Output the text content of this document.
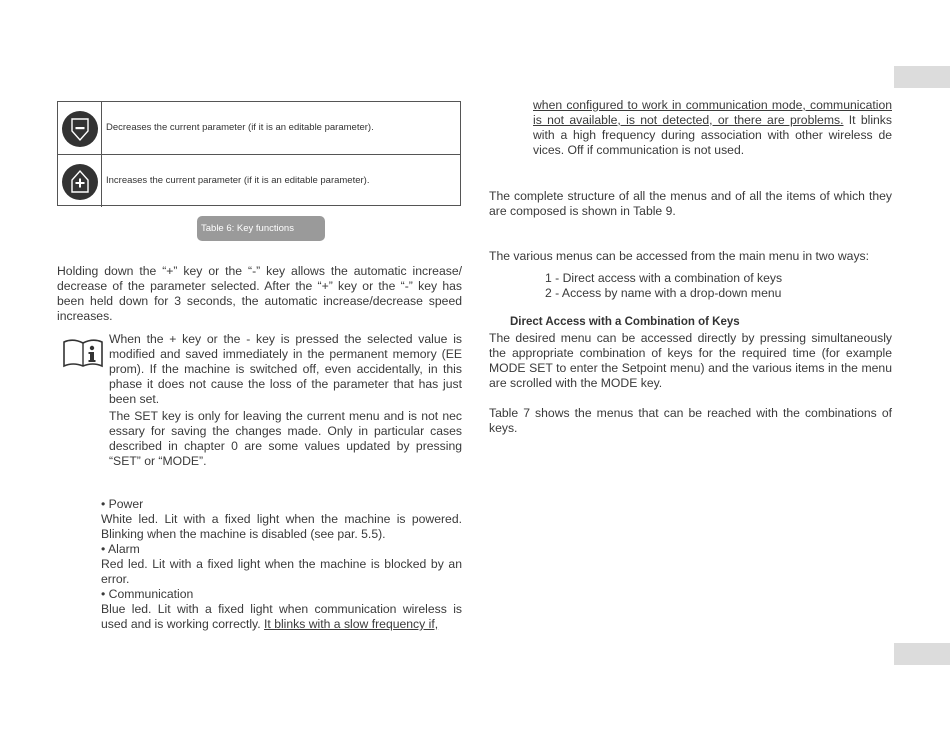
Decreases the current parameter (if it is an editable parameter).
Increases the current parameter (if it is an editable parameter).
Table 6: Key functions

Holding down the “+” key or the “-” key allows the automatic increase/ decrease of the parameter selected. After the “+” key or the “-” key has been held down for 3 seconds, the automatic increase/decrease speed increases.

When the + key or the - key is pressed the selected value is modified and saved immediately in the permanent memory (EE prom). If the machine is switched off, even accidentally, in this phase it does not cause the loss of the parameter that has just been set.

The SET key is only for leaving the current menu and is not nec essary for saving the changes made. Only in particular cases described in chapter 0 are some values updated by pressing “SET” or “MODE”.

• Power

White led. Lit with a fixed light when the machine is powered. Blinking when the machine is disabled (see par. 5.5).

• Alarm

Red led. Lit with a fixed light when the machine is blocked by an error.

• Communication

Blue led. Lit with a fixed light when communication wireless is used and is working correctly. It blinks with a slow frequency if,

when configured to work in communication mode, communication is not available, is not detected, or there are problems. It blinks with a high frequency during association with other wireless de vices. Off if communication is not used.

The complete structure of all the menus and of all the items of which they are composed is shown in Table 9.

The various menus can be accessed from the main menu in two ways:

1 - Direct access with a combination of keys

2 - Access by name with a drop-down menu

Direct Access with a Combination of Keys

The desired menu can be accessed directly by pressing simultaneously the appropriate combination of keys for the required time (for example MODE SET to enter the Setpoint menu) and the various items in the menu are scrolled with the MODE key.

Table 7 shows the menus that can be reached with the combinations of keys.
